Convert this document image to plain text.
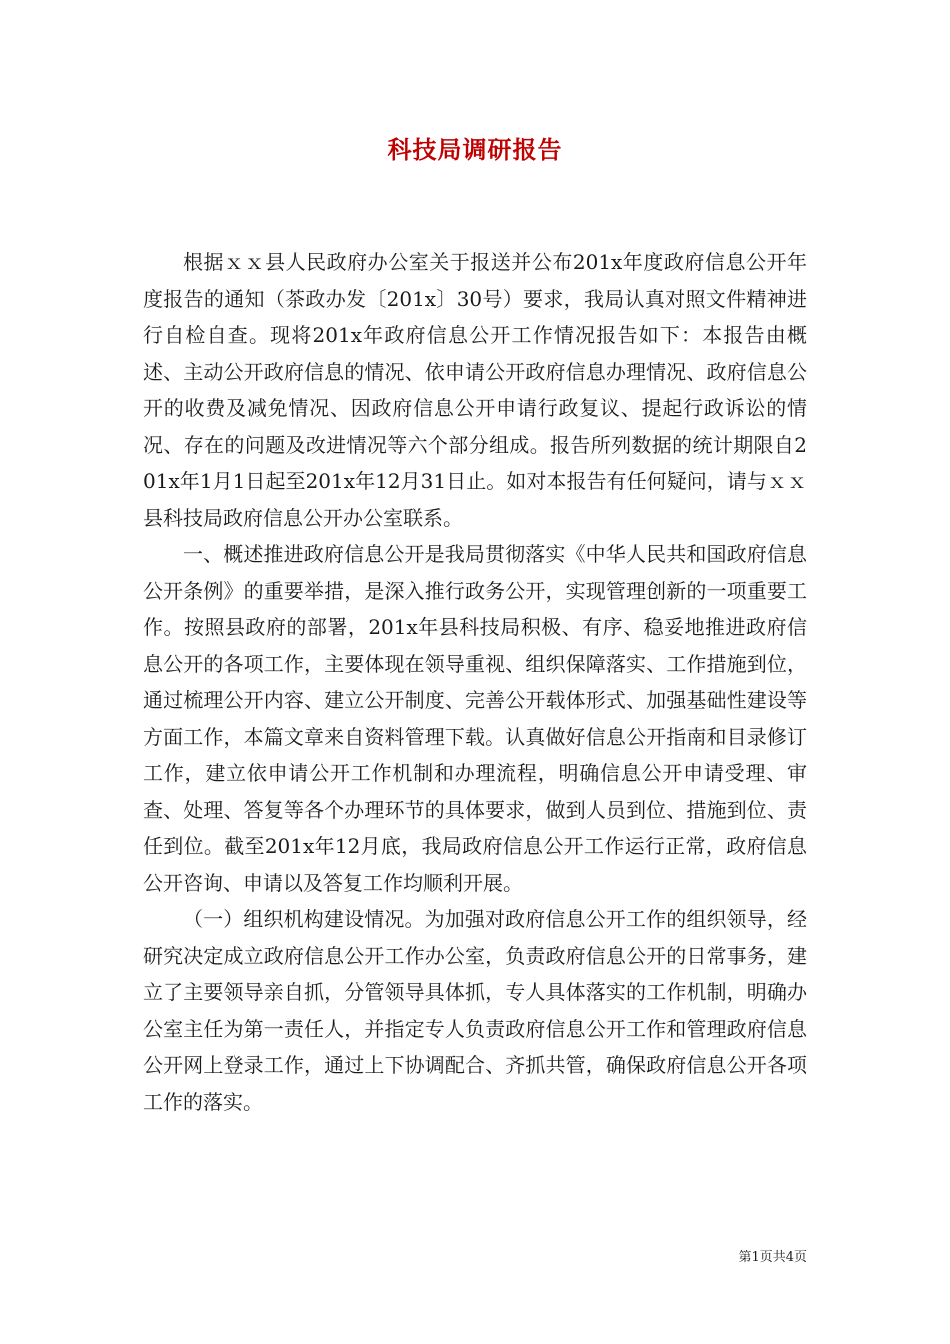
科技局调研报告

根据ｘｘ县人民政府办公室关于报送并公布201x年度政府信息公开年度报告的通知（茶政办发〔201x〕30号）要求，我局认真对照文件精神进行自检自查。现将201x年政府信息公开工作情况报告如下：本报告由概述、主动公开政府信息的情况、依申请公开政府信息办理情况、政府信息公开的收费及减免情况、因政府信息公开申请行政复议、提起行政诉讼的情况、存在的问题及改进情况等六个部分组成。报告所列数据的统计期限自201x年1月1日起至201x年12月31日止。如对本报告有任何疑问，请与ｘｘ县科技局政府信息公开办公室联系。

一、概述推进政府信息公开是我局贯彻落实《中华人民共和国政府信息公开条例》的重要举措，是深入推行政务公开，实现管理创新的一项重要工作。按照县政府的部署，201x年县科技局积极、有序、稳妥地推进政府信息公开的各项工作，主要体现在领导重视、组织保障落实、工作措施到位，通过梳理公开内容、建立公开制度、完善公开载体形式、加强基础性建设等方面工作，本篇文章来自资料管理下载。认真做好信息公开指南和目录修订工作，建立依申请公开工作机制和办理流程，明确信息公开申请受理、审查、处理、答复等各个办理环节的具体要求，做到人员到位、措施到位、责任到位。截至201x年12月底，我局政府信息公开工作运行正常，政府信息公开咨询、申请以及答复工作均顺利开展。

（一）组织机构建设情况。为加强对政府信息公开工作的组织领导，经研究决定成立政府信息公开工作办公室，负责政府信息公开的日常事务，建立了主要领导亲自抓，分管领导具体抓，专人具体落实的工作机制，明确办公室主任为第一责任人，并指定专人负责政府信息公开工作和管理政府信息公开网上登录工作，通过上下协调配合、齐抓共管，确保政府信息公开各项工作的落实。

第1页共4页
